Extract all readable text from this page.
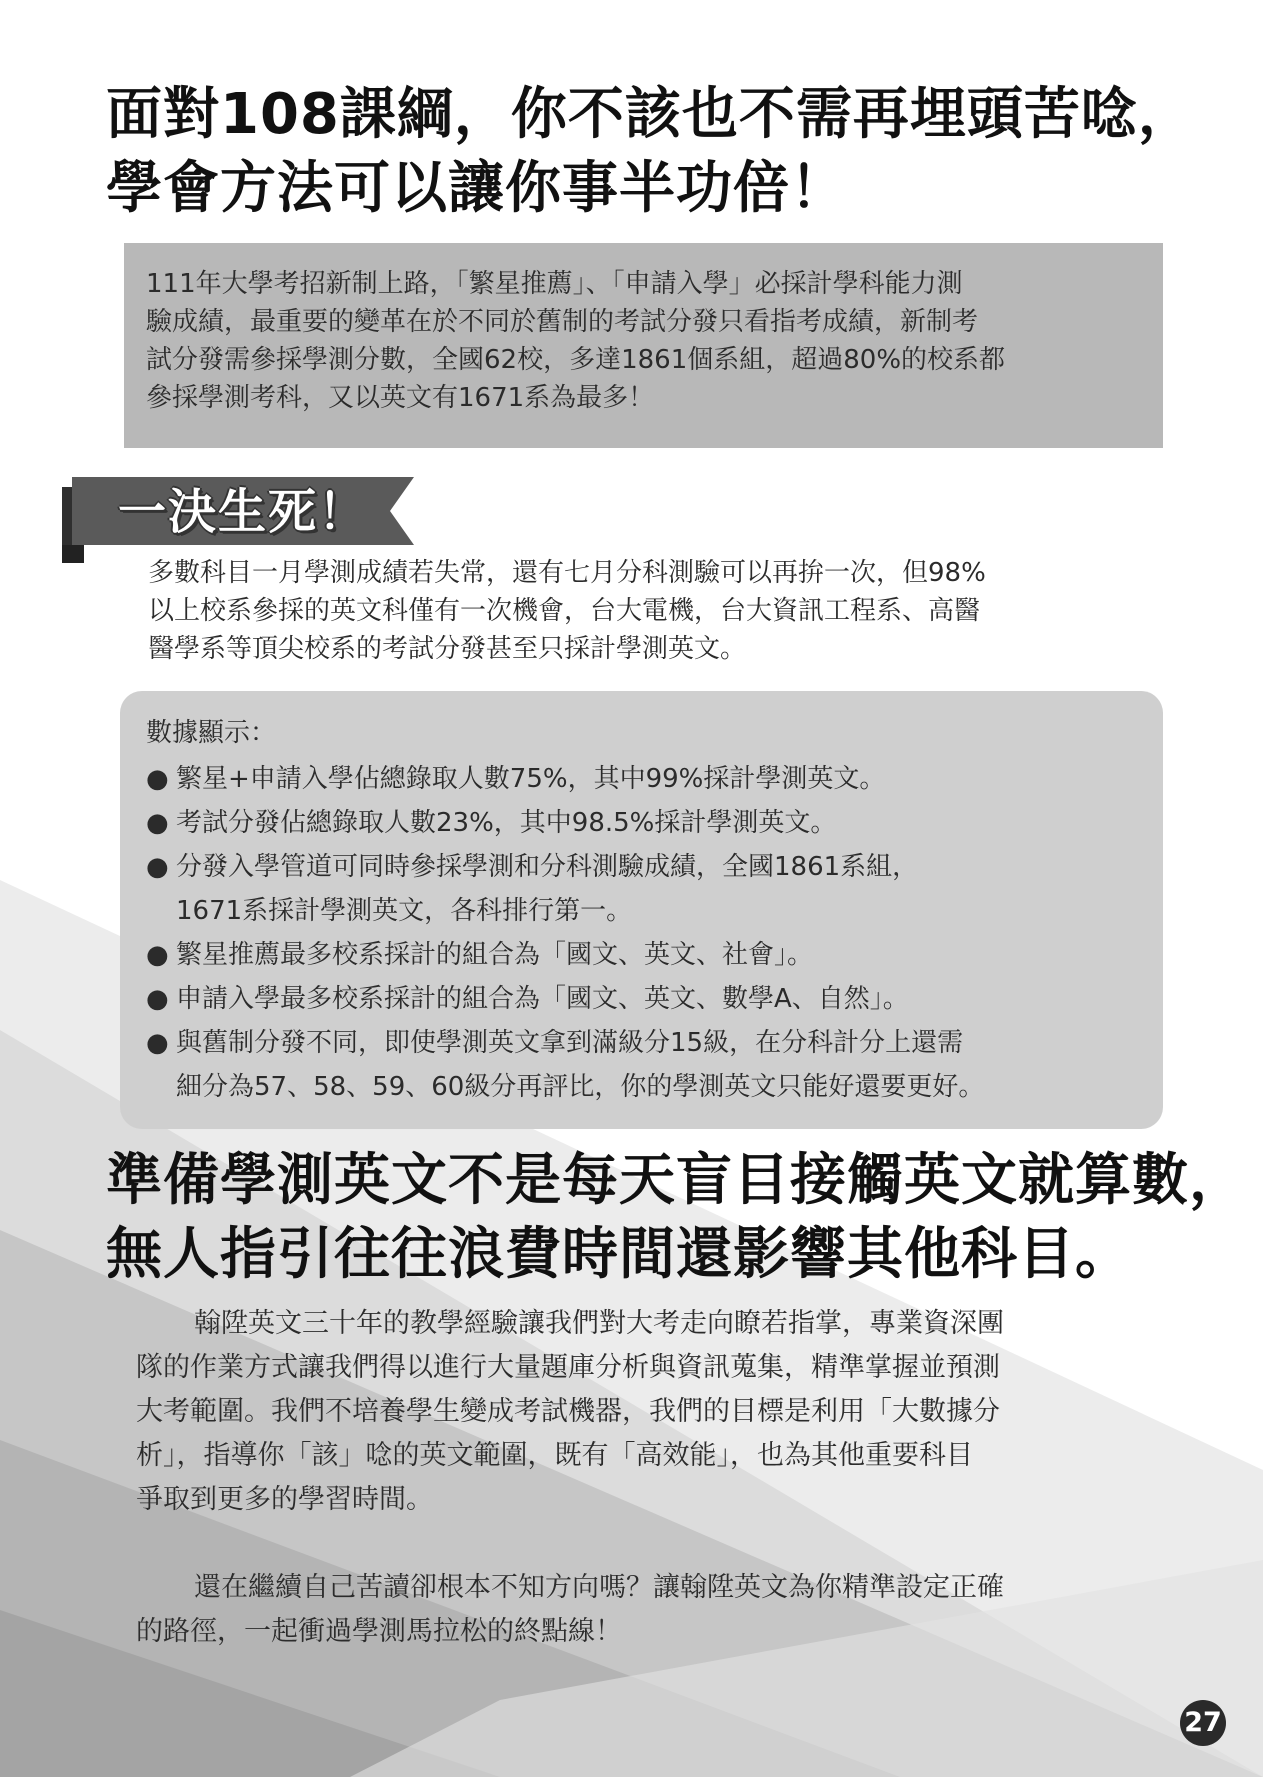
面對108課綱，你不該也不需再埋頭苦唸，
學會方法可以讓你事半功倍！

111年大學考招新制上路，「繁星推薦」、「申請入學」必採計學科能力測
驗成績，最重要的變革在於不同於舊制的考試分發只看指考成績，新制考
試分發需參採學測分數，全國62校，多達1861個系組，超過80%的校系都
參採學測考科，又以英文有1671系為最多！

一決生死！

多數科目一月學測成績若失常，還有七月分科測驗可以再拚一次，但98%
以上校系參採的英文科僅有一次機會，台大電機，台大資訊工程系、高醫
醫學系等頂尖校系的考試分發甚至只採計學測英文。

數據顯示：
● 繁星+申請入學佔總錄取人數75%，其中99%採計學測英文。
● 考試分發佔總錄取人數23%，其中98.5%採計學測英文。
● 分發入學管道可同時參採學測和分科測驗成績，全國1861系組，
1671系採計學測英文，各科排行第一。
● 繁星推薦最多校系採計的組合為「國文、英文、社會」。
● 申請入學最多校系採計的組合為「國文、英文、數學A、自然」。
● 與舊制分發不同，即使學測英文拿到滿級分15級，在分科計分上還需
細分為57、58、59、60級分再評比，你的學測英文只能好還要更好。
準備學測英文不是每天盲目接觸英文就算數，
無人指引往往浪費時間還影響其他科目。

翰陞英文三十年的教學經驗讓我們對大考走向瞭若指掌，專業資深團
隊的作業方式讓我們得以進行大量題庫分析與資訊蒐集，精準掌握並預測
大考範圍。我們不培養學生變成考試機器，我們的目標是利用「大數據分
析」，指導你「該」唸的英文範圍，既有「高效能」，也為其他重要科目
爭取到更多的學習時間。

還在繼續自己苦讀卻根本不知方向嗎？讓翰陞英文為你精準設定正確
的路徑，一起衝過學測馬拉松的終點線！

27
